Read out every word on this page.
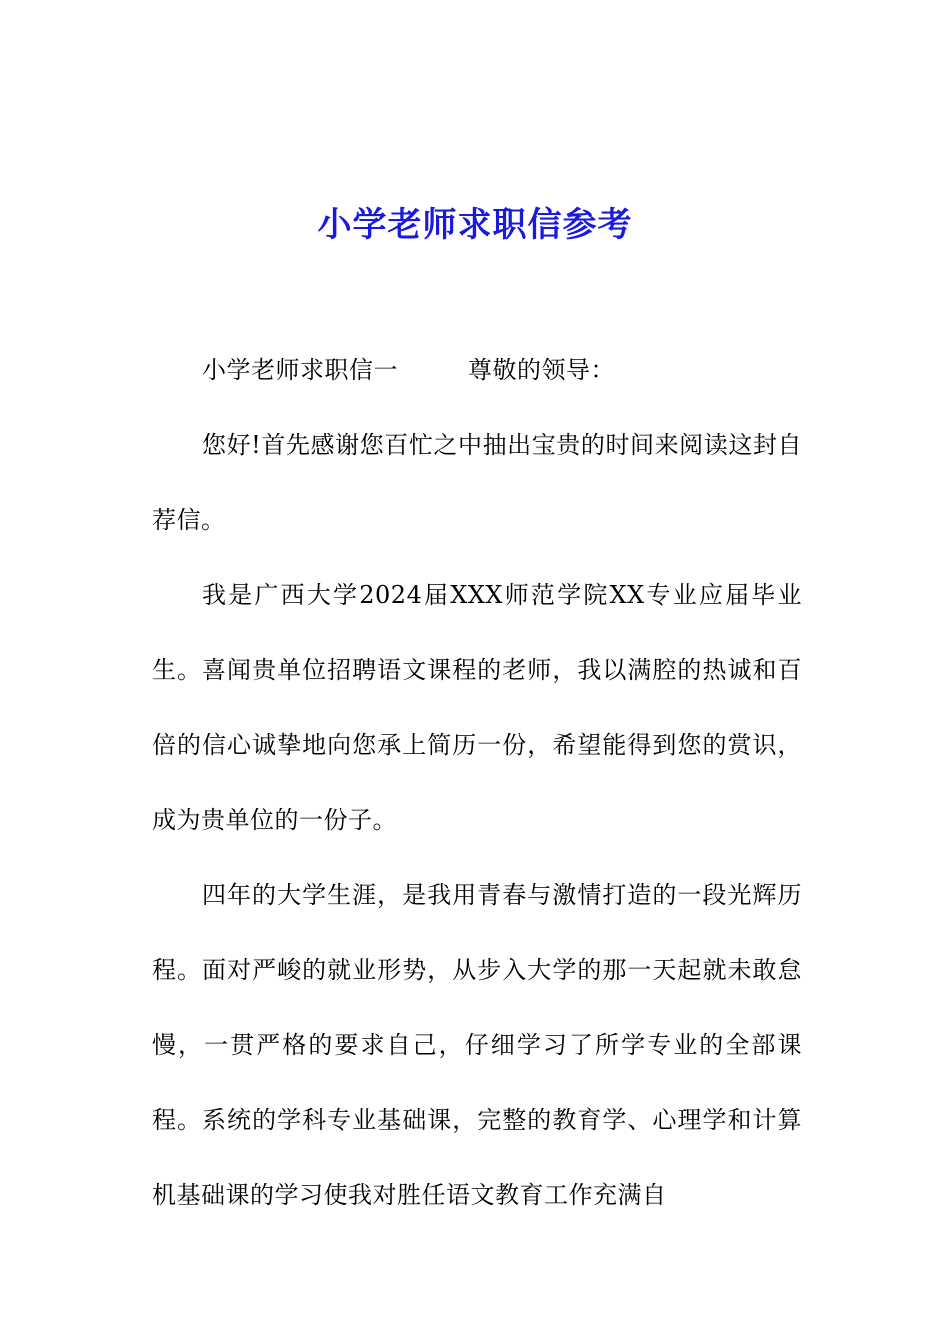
小学老师求职信参考

小学老师求职信一	尊敬的领导：

您好!首先感谢您百忙之中抽出宝贵的时间来阅读这封自荐信。

我是广西大学2024届XXX师范学院XX专业应届毕业生。喜闻贵单位招聘语文课程的老师，我以满腔的热诚和百倍的信心诚挚地向您承上简历一份，希望能得到您的赏识，成为贵单位的一份子。

四年的大学生涯，是我用青春与激情打造的一段光辉历程。面对严峻的就业形势，从步入大学的那一天起就未敢怠慢，一贯严格的要求自己，仔细学习了所学专业的全部课程。系统的学科专业基础课，完整的教育学、心理学和计算机基础课的学习使我对胜任语文教育工作充满自
